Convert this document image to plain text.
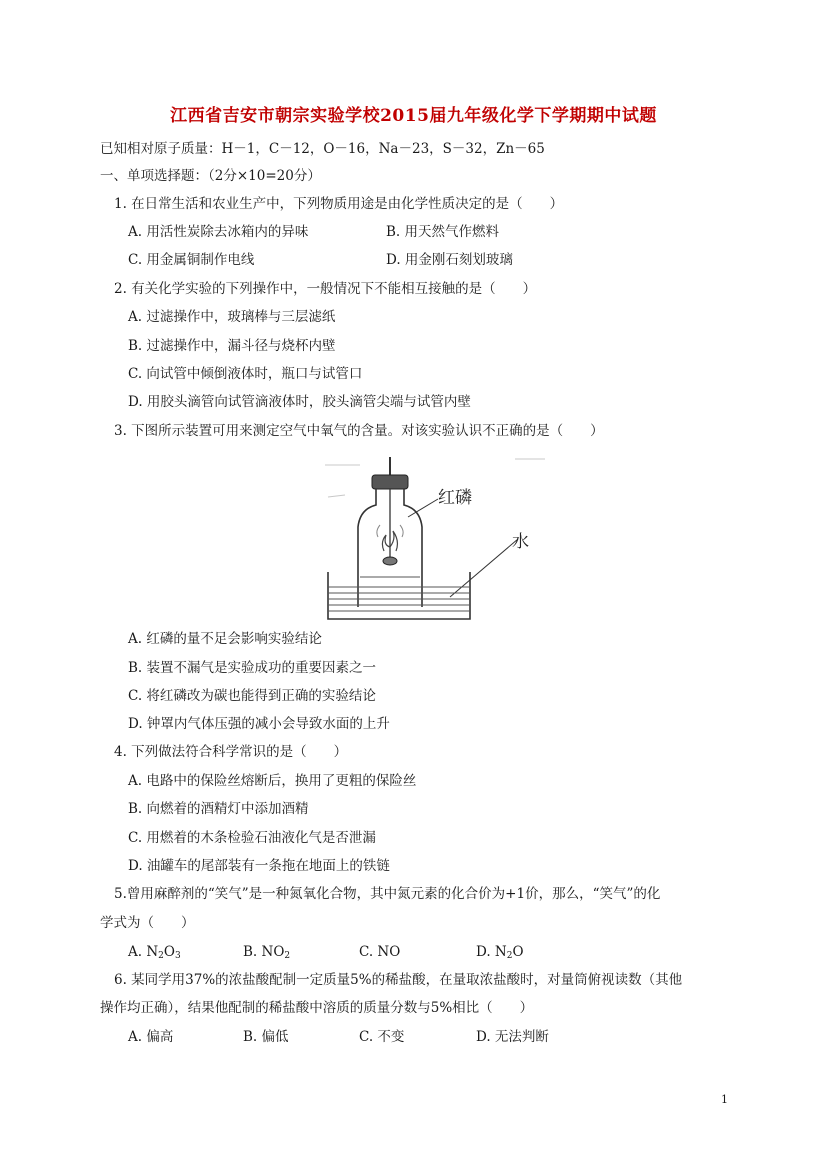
江西省吉安市朝宗实验学校2015届九年级化学下学期期中试题
已知相对原子质量：H－1，C－12，O－16，Na－23，S－32，Zn－65
一、单项选择题：（2分×10=20分）
1. 在日常生活和农业生产中，下列物质用途是由化学性质决定的是（　　）
A. 用活性炭除去冰箱内的异味	B. 用天然气作燃料
C. 用金属铜制作电线	D. 用金刚石刻划玻璃
2. 有关化学实验的下列操作中，一般情况下不能相互接触的是（　　）
A. 过滤操作中，玻璃棒与三层滤纸
B. 过滤操作中，漏斗径与烧杯内壁
C. 向试管中倾倒液体时，瓶口与试管口
D. 用胶头滴管向试管滴液体时，胶头滴管尖端与试管内壁
3. 下图所示装置可用来测定空气中氧气的含量。对该实验认识不正确的是（　　）
红磷
水
A. 红磷的量不足会影响实验结论
B. 装置不漏气是实验成功的重要因素之一
C. 将红磷改为碳也能得到正确的实验结论
D. 钟罩内气体压强的减小会导致水面的上升
4. 下列做法符合科学常识的是（　　）
A. 电路中的保险丝熔断后，换用了更粗的保险丝
B. 向燃着的酒精灯中添加酒精
C. 用燃着的木条检验石油液化气是否泄漏
D. 油罐车的尾部装有一条拖在地面上的铁链
5.曾用麻醉剂的“笑气”是一种氮氧化合物，其中氮元素的化合价为+1价，那么，“笑气”的化
学式为（　　）
A. $N_2O_3$	B. $NO_2$	C. NO	D. $N_2O$
6. 某同学用37%的浓盐酸配制一定质量5%的稀盐酸，在量取浓盐酸时，对量筒俯视读数（其他
操作均正确），结果他配制的稀盐酸中溶质的质量分数与5%相比（　　）
A. 偏高	B. 偏低	C. 不变	D. 无法判断
1
